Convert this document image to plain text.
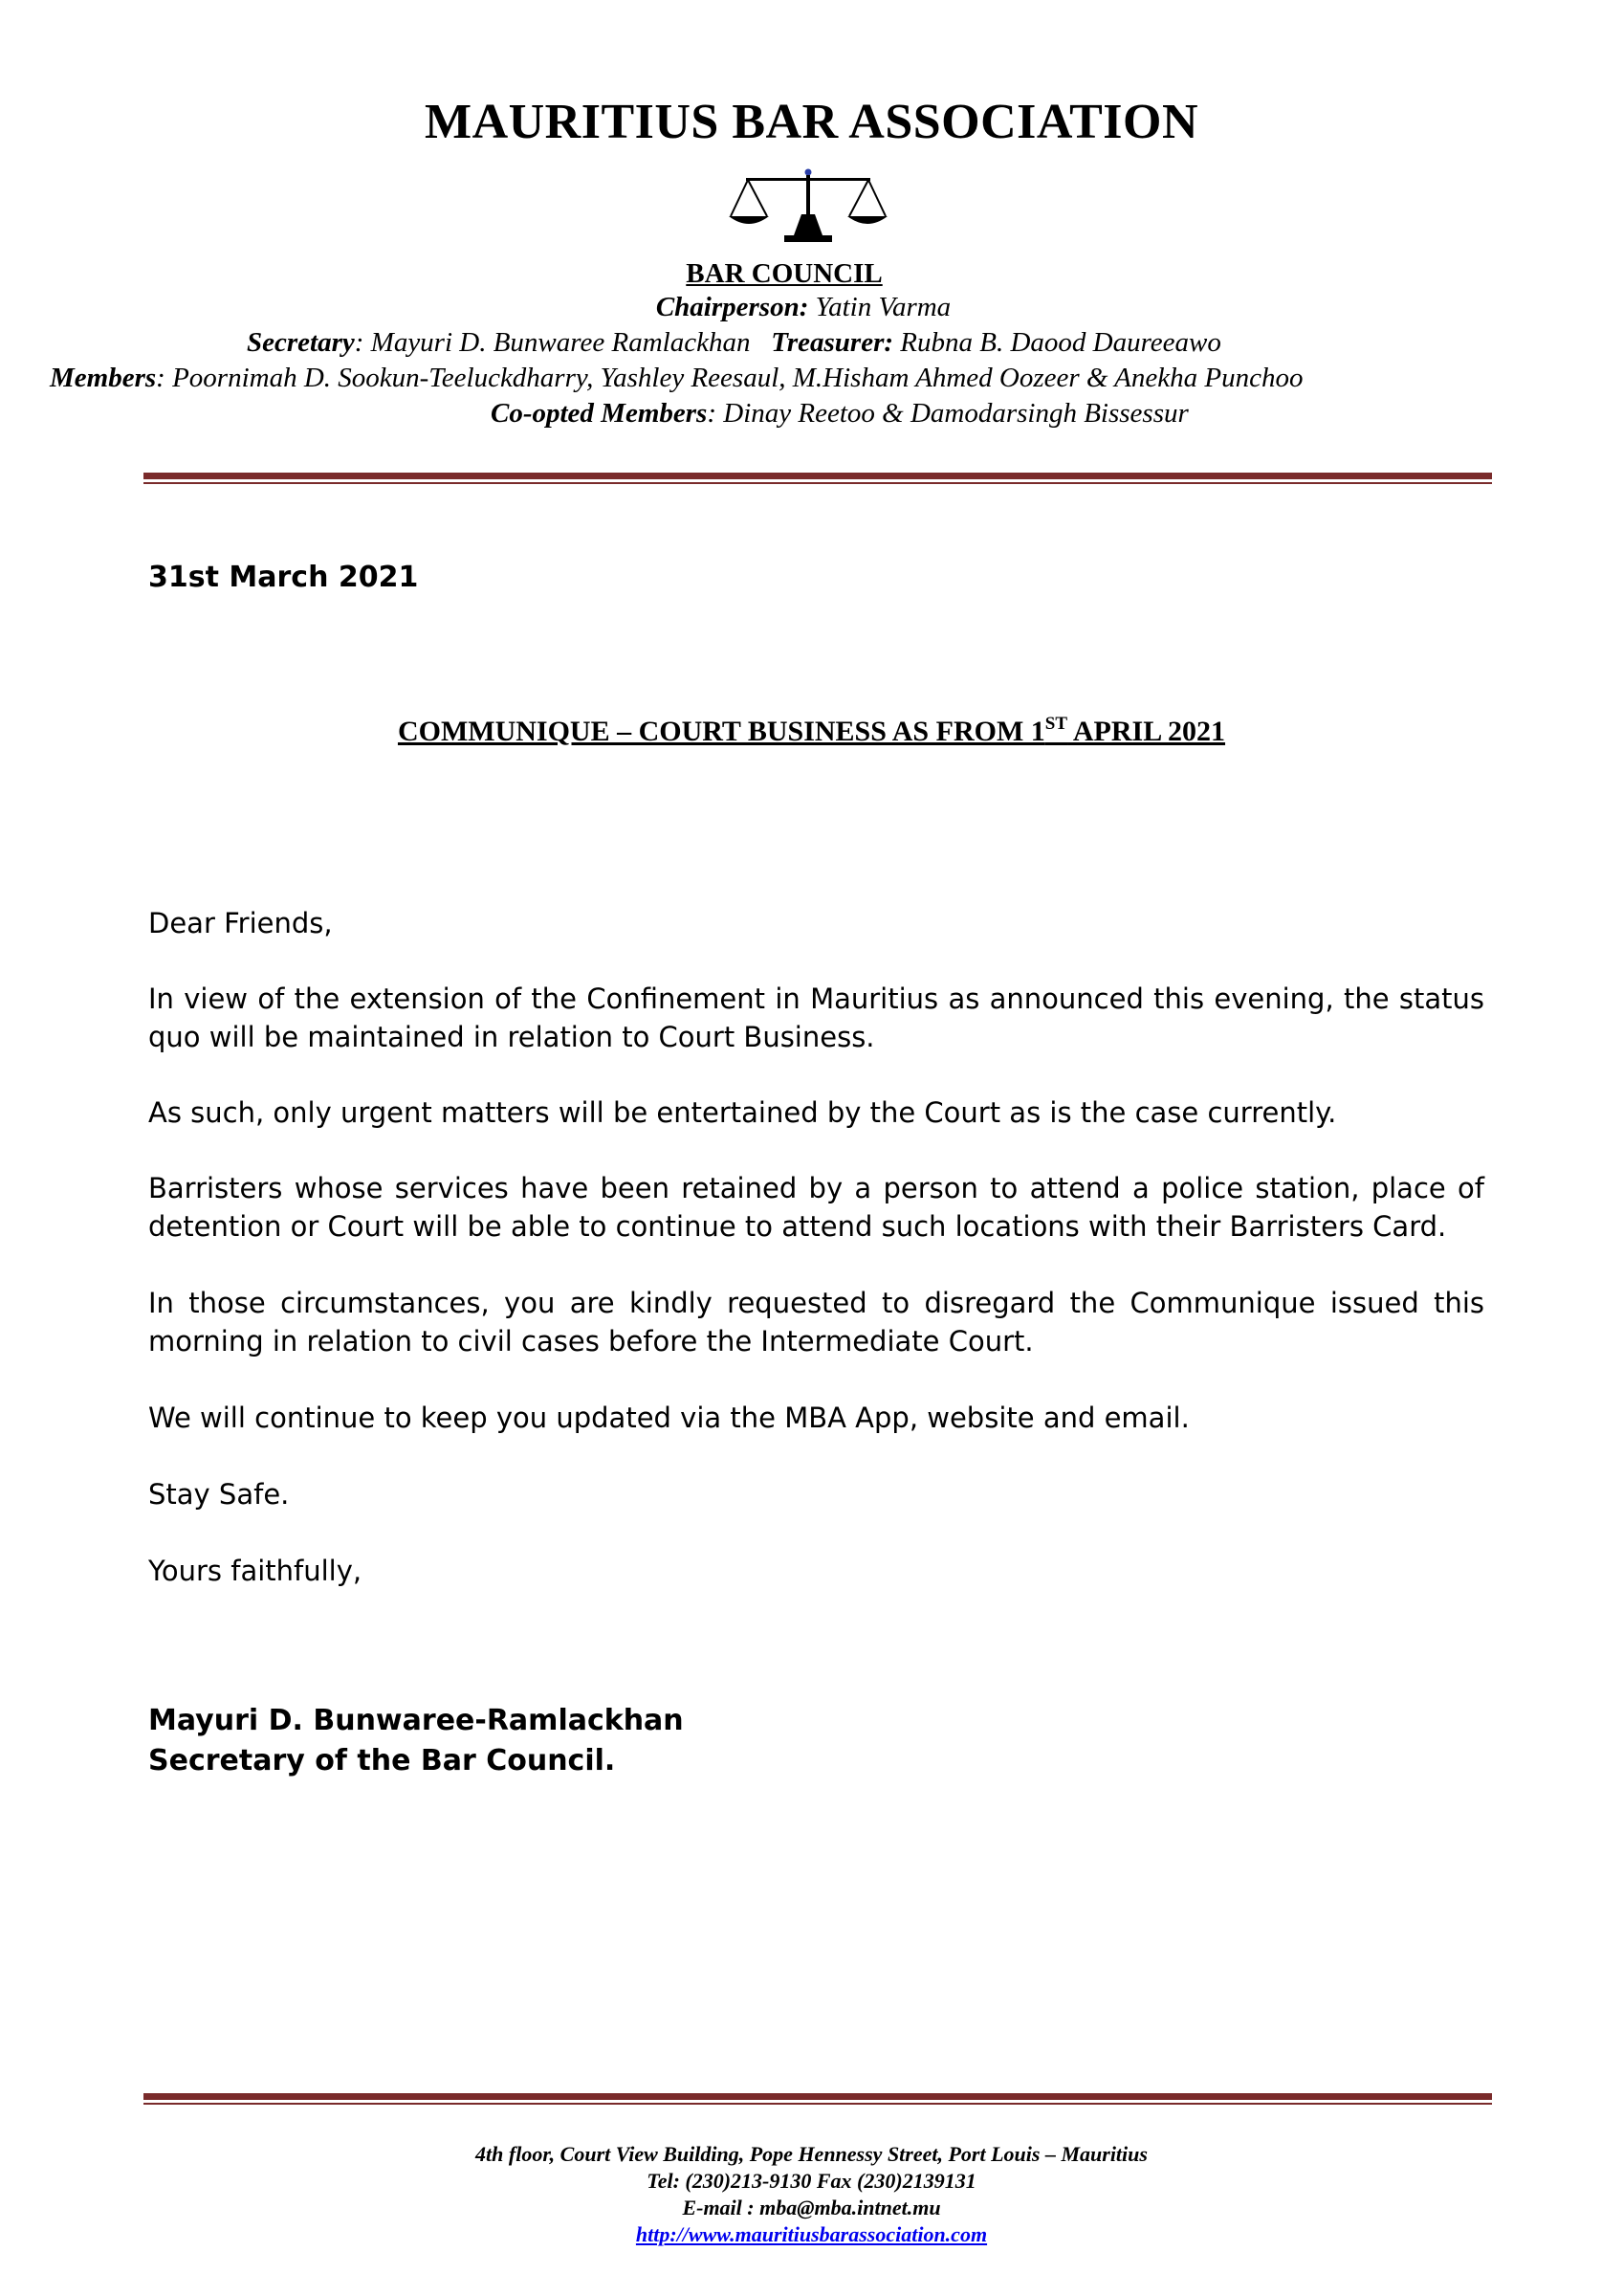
MAURITIUS BAR ASSOCIATION
BAR COUNCIL
Chairperson: Yatin Varma
Secretary: Mayuri D. Bunwaree Ramlackhan Treasurer: Rubna B. Daood Daureeawo
Members: Poornimah D. Sookun-Teeluckdharry, Yashley Reesaul, M.Hisham Ahmed Oozeer & Anekha Punchoo
Co-opted Members: Dinay Reetoo & Damodarsingh Bissessur
31st March 2021
COMMUNIQUE – COURT BUSINESS AS FROM 1ST APRIL 2021
Dear Friends,
In view of the extension of the Confinement in Mauritius as announced this evening, the status quo will be maintained in relation to Court Business.
As such, only urgent matters will be entertained by the Court as is the case currently.
Barristers whose services have been retained by a person to attend a police station, place of detention or Court will be able to continue to attend such locations with their Barristers Card.
In those circumstances, you are kindly requested to disregard the Communique issued this morning in relation to civil cases before the Intermediate Court.
We will continue to keep you updated via the MBA App, website and email.
Stay Safe.
Yours faithfully,
Mayuri D. Bunwaree-Ramlackhan
Secretary of the Bar Council.
4th floor, Court View Building, Pope Hennessy Street, Port Louis – Mauritius
Tel: (230)213-9130 Fax (230)2139131
E-mail : mba@mba.intnet.mu
http://www.mauritiusbarassociation.com
